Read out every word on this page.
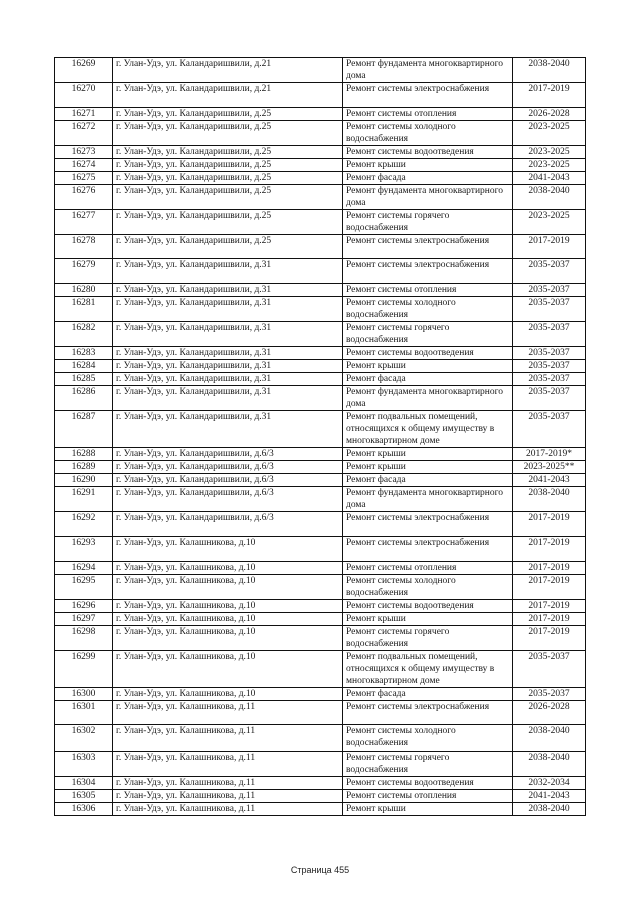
16269	г. Улан-Удэ, ул. Каландаришвили, д.21	Ремонт фундамента многоквартирного дома	2038-2040
16270	г. Улан-Удэ, ул. Каландаришвили, д.21	Ремонт системы электроснабжения	2017-2019
16271	г. Улан-Удэ, ул. Каландаришвили, д.25	Ремонт системы отопления	2026-2028
16272	г. Улан-Удэ, ул. Каландаришвили, д.25	Ремонт системы холодного водоснабжения	2023-2025
16273	г. Улан-Удэ, ул. Каландаришвили, д.25	Ремонт системы водоотведения	2023-2025
16274	г. Улан-Удэ, ул. Каландаришвили, д.25	Ремонт крыши	2023-2025
16275	г. Улан-Удэ, ул. Каландаришвили, д.25	Ремонт фасада	2041-2043
16276	г. Улан-Удэ, ул. Каландаришвили, д.25	Ремонт фундамента многоквартирного дома	2038-2040
16277	г. Улан-Удэ, ул. Каландаришвили, д.25	Ремонт системы горячего водоснабжения	2023-2025
16278	г. Улан-Удэ, ул. Каландаришвили, д.25	Ремонт системы электроснабжения	2017-2019
16279	г. Улан-Удэ, ул. Каландаришвили, д.31	Ремонт системы электроснабжения	2035-2037
16280	г. Улан-Удэ, ул. Каландаришвили, д.31	Ремонт системы отопления	2035-2037
16281	г. Улан-Удэ, ул. Каландаришвили, д.31	Ремонт системы холодного водоснабжения	2035-2037
16282	г. Улан-Удэ, ул. Каландаришвили, д.31	Ремонт системы горячего водоснабжения	2035-2037
16283	г. Улан-Удэ, ул. Каландаришвили, д.31	Ремонт системы водоотведения	2035-2037
16284	г. Улан-Удэ, ул. Каландаришвили, д.31	Ремонт крыши	2035-2037
16285	г. Улан-Удэ, ул. Каландаришвили, д.31	Ремонт фасада	2035-2037
16286	г. Улан-Удэ, ул. Каландаришвили, д.31	Ремонт фундамента многоквартирного дома	2035-2037
16287	г. Улан-Удэ, ул. Каландаришвили, д.31	Ремонт подвальных помещений, относящихся к общему имуществу в многоквартирном доме	2035-2037
16288	г. Улан-Удэ, ул. Каландаришвили, д.6/3	Ремонт крыши	2017-2019*
16289	г. Улан-Удэ, ул. Каландаришвили, д.6/3	Ремонт крыши	2023-2025**
16290	г. Улан-Удэ, ул. Каландаришвили, д.6/3	Ремонт фасада	2041-2043
16291	г. Улан-Удэ, ул. Каландаришвили, д.6/3	Ремонт фундамента многоквартирного дома	2038-2040
16292	г. Улан-Удэ, ул. Каландаришвили, д.6/3	Ремонт системы электроснабжения	2017-2019
16293	г. Улан-Удэ, ул. Калашникова, д.10	Ремонт системы электроснабжения	2017-2019
16294	г. Улан-Удэ, ул. Калашникова, д.10	Ремонт системы отопления	2017-2019
16295	г. Улан-Удэ, ул. Калашникова, д.10	Ремонт системы холодного водоснабжения	2017-2019
16296	г. Улан-Удэ, ул. Калашникова, д.10	Ремонт системы водоотведения	2017-2019
16297	г. Улан-Удэ, ул. Калашникова, д.10	Ремонт крыши	2017-2019
16298	г. Улан-Удэ, ул. Калашникова, д.10	Ремонт системы горячего водоснабжения	2017-2019
16299	г. Улан-Удэ, ул. Калашникова, д.10	Ремонт подвальных помещений, относящихся к общему имуществу в многоквартирном доме	2035-2037
16300	г. Улан-Удэ, ул. Калашникова, д.10	Ремонт фасада	2035-2037
16301	г. Улан-Удэ, ул. Калашникова, д.11	Ремонт системы электроснабжения	2026-2028
16302	г. Улан-Удэ, ул. Калашникова, д.11	Ремонт системы холодного водоснабжения	2038-2040
16303	г. Улан-Удэ, ул. Калашникова, д.11	Ремонт системы горячего водоснабжения	2038-2040
16304	г. Улан-Удэ, ул. Калашникова, д.11	Ремонт системы водоотведения	2032-2034
16305	г. Улан-Удэ, ул. Калашникова, д.11	Ремонт системы отопления	2041-2043
16306	г. Улан-Удэ, ул. Калашникова, д.11	Ремонт крыши	2038-2040
Страница 455
